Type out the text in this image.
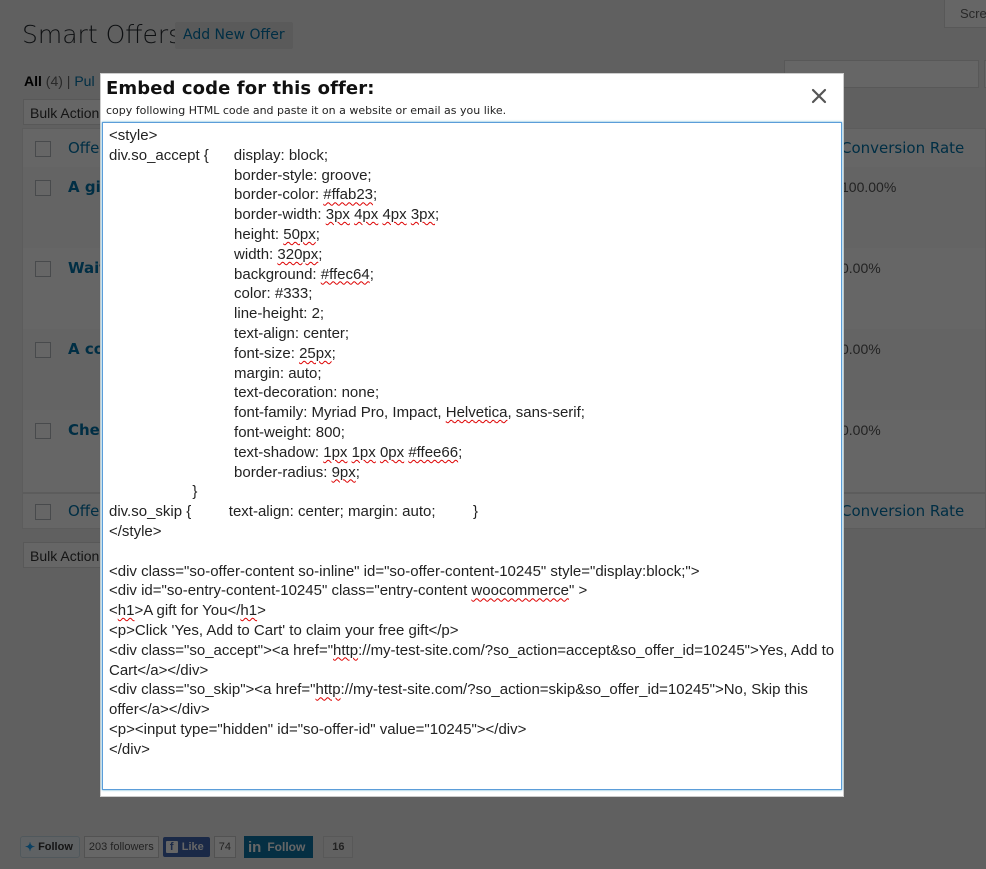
Embed code for this offer:
copy following HTML code and paste it on a website or email as you like.
<style>
div.so_accept {      display: block;
border-style: groove;
border-color: #ffab23;
border-width: 3px 4px 4px 3px;
height: 50px;
width: 320px;
background: #ffec64;
color: #333;
line-height: 2;
text-align: center;
font-size: 25px;
margin: auto;
text-decoration: none;
font-family: Myriad Pro, Impact, Helvetica, sans-serif;
font-weight: 800;
text-shadow: 1px 1px 0px #ffee66;
border-radius: 9px;
}
div.so_skip {         text-align: center; margin: auto;         }
</style>
<div class="so-offer-content so-inline" id="so-offer-content-10245" style="display:block;">
<div id="so-entry-content-10245" class="entry-content woocommerce" >
<h1>A gift for You</h1>
<p>Click 'Yes, Add to Cart' to claim your free gift</p>
<div class="so_accept"><a href="http://my-test-site.com/?so_action=accept&so_offer_id=10245">Yes, Add to Cart</a></div>
<div class="so_skip"><a href="http://my-test-site.com/?so_action=skip&so_offer_id=10245">No, Skip this offer</a></div>
<p><input type="hidden" id="so-offer-id" value="10245"></div>
</div>
